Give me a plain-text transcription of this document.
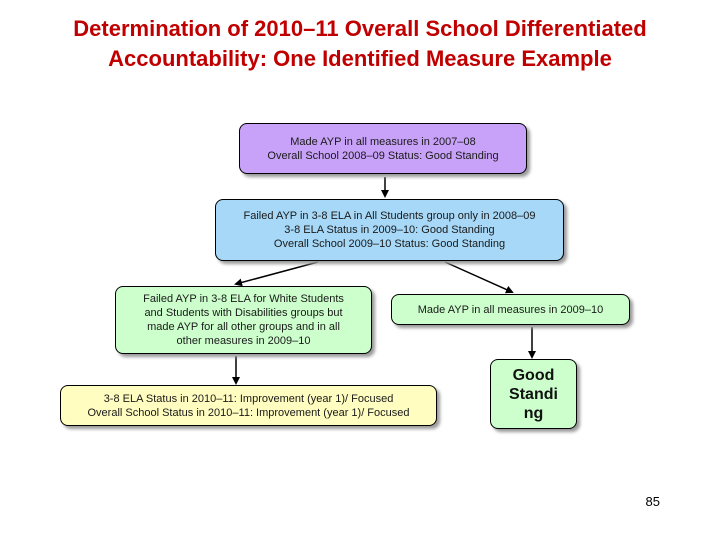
Determination of 2010–11 Overall School Differentiated
Accountability: One Identified Measure Example
Made AYP in all measures in 2007–08
Overall School 2008–09 Status: Good Standing
Failed AYP in 3-8 ELA in All Students group only in 2008–09
3-8 ELA Status in 2009–10: Good Standing
Overall School 2009–10 Status: Good Standing
Failed AYP in 3-8 ELA for White Students
and Students with Disabilities groups but
made AYP for all other groups and in all
other measures in 2009–10
Made AYP in all measures in 2009–10
3-8 ELA Status in 2010–11: Improvement (year 1)/ Focused
Overall School Status in 2010–11: Improvement (year 1)/ Focused
Good
Standi
ng
85
